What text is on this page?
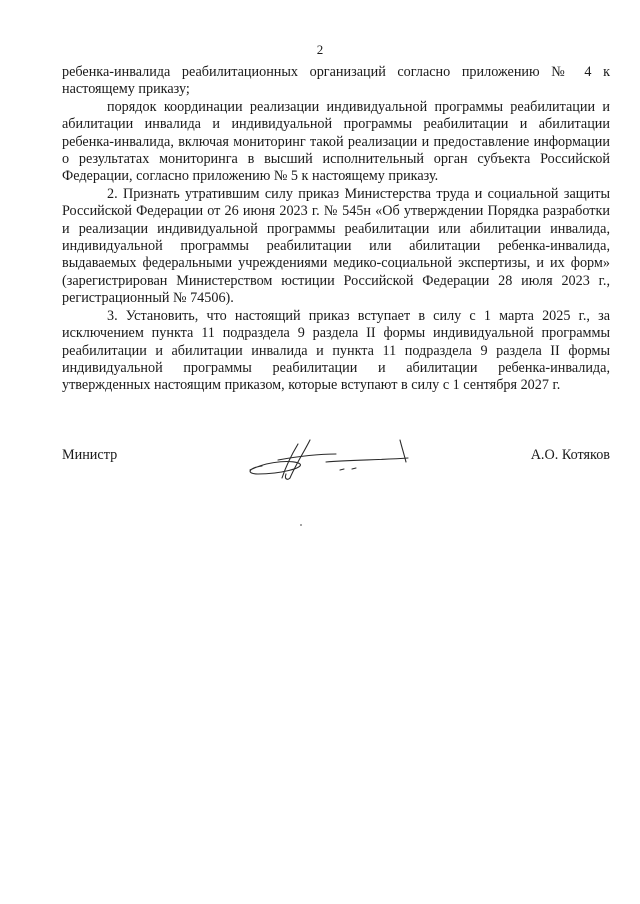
2

ребенка-инвалида реабилитационных организаций согласно приложению № 4 к настоящему приказу;

порядок координации реализации индивидуальной программы реабилитации и абилитации инвалида и индивидуальной программы реабилитации и абилитации ребенка-инвалида, включая мониторинг такой реализации и предоставление информации о результатах мониторинга в высший исполнительный орган субъекта Российской Федерации, согласно приложению № 5 к настоящему приказу.

2. Признать утратившим силу приказ Министерства труда и социальной защиты Российской Федерации от 26 июня 2023 г. № 545н «Об утверждении Порядка разработки и реализации индивидуальной программы реабилитации или абилитации инвалида, индивидуальной программы реабилитации или абилитации ребенка-инвалида, выдаваемых федеральными учреждениями медико-социальной экспертизы, и их форм» (зарегистрирован Министерством юстиции Российской Федерации 28 июля 2023 г., регистрационный № 74506).

3. Установить, что настоящий приказ вступает в силу с 1 марта 2025 г., за исключением пункта 11 подраздела 9 раздела II формы индивидуальной программы реабилитации и абилитации инвалида и пункта 11 подраздела 9 раздела II формы индивидуальной программы реабилитации и абилитации ребенка-инвалида, утвержденных настоящим приказом, которые вступают в силу с 1 сентября 2027 г.

Министр	А.О. Котяков
